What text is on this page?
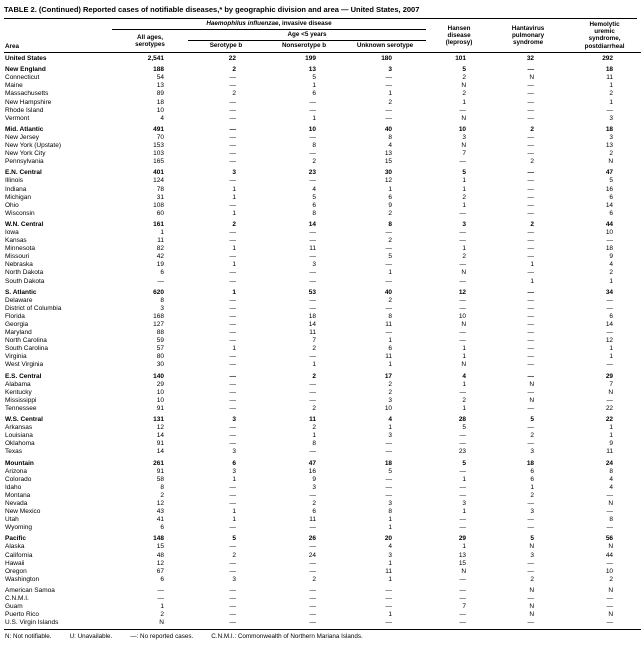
TABLE 2. (Continued) Reported cases of notifiable diseases,* by geographic division and area — United States, 2007
Area	Haemophilus influenzae, invasive disease				Hansen disease (leprosy)	Hantavirus pulmonary syndrome	Hemolytic uremic syndrome, postdiarrheal

	All ages, serotypes	Age <5 years					
		Serotype b	Nonserotype b	Unknown serotype			
United States	2,541	22	199	180	101	32	292
New England	188	2	13	3	5	—	18
Connecticut	54	—	5	—	2	N	11
Maine	13	—	1	—	N	—	1
Massachusetts	89	2	6	1	2	—	2
New Hampshire	18	—	—	2	1	—	1
Rhode Island	10	—	—	—	—	—	—
Vermont	4	—	1	—	N	—	3
Mid. Atlantic	491	—	10	40	10	2	18
New Jersey	70	—	—	8	3	—	3
New York (Upstate)	153	—	8	4	N	—	13
New York City	103	—	—	13	7	—	2
Pennsylvania	165	—	2	15	—	2	N
E.N. Central	401	3	23	30	5	—	47
Illinois	124	—	—	12	1	—	5
Indiana	78	1	4	1	1	—	16
Michigan	31	1	5	6	2	—	6
Ohio	108	—	6	9	1	—	14
Wisconsin	60	1	8	2	—	—	6
W.N. Central	161	2	14	8	3	2	44
Iowa	1	—	—	—	—	—	10
Kansas	11	—	—	2	—	—	—
Minnesota	82	1	11	—	1	—	18
Missouri	42	—	—	5	2	—	9
Nebraska	19	1	3	—	—	1	4
North Dakota	6	—	—	1	N	—	2
South Dakota	—	—	—	—	—	1	1
S. Atlantic	620	1	53	40	12	—	34
Delaware	8	—	—	2	—	—	—
District of Columbia	3	—	—	—	—	—	—
Florida	168	—	18	8	10	—	6
Georgia	127	—	14	11	N	—	14
Maryland	88	—	11	—	—	—	—
North Carolina	59	—	7	1	—	—	12
South Carolina	57	1	2	6	1	—	1
Virginia	80	—	—	11	1	—	1
West Virginia	30	—	1	1	N	—	—
E.S. Central	140	—	2	17	4	—	29
Alabama	29	—	—	2	1	N	7
Kentucky	10	—	—	2	—	—	N
Mississippi	10	—	—	3	2	N	—
Tennessee	91	—	2	10	1	—	22
W.S. Central	131	3	11	4	28	5	22
Arkansas	12	—	2	1	5	—	1
Louisiana	14	—	1	3	—	2	1
Oklahoma	91	—	8	—	—	—	9
Texas	14	3	—	—	23	3	11
Mountain	261	6	47	18	5	18	24
Arizona	91	3	16	5	—	6	8
Colorado	58	1	9	—	1	6	4
Idaho	8	—	3	—	—	1	4
Montana	2	—	—	—	—	2	—
Nevada	12	—	2	3	3	—	N
New Mexico	43	1	6	8	1	3	—
Utah	41	1	11	1	—	—	8
Wyoming	6	—	—	1	—	—	—
Pacific	148	5	26	20	29	5	56
Alaska	15	—	—	4	1	N	N
California	48	2	24	3	13	3	44
Hawaii	12	—	—	1	15	—	—
Oregon	67	—	—	11	N	—	10
Washington	6	3	2	1	—	2	2
American Samoa	—	—	—	—	—	N	N
C.N.M.I.	—	—	—	—	—	—	—
Guam	1	—	—	—	7	N	—
Puerto Rico	2	—	—	1	—	N	N
U.S. Virgin Islands	N	—	—	—	—	—	—
N: Not notifiable.	U: Unavailable.	—: No reported cases.	C.N.M.I.: Commonwealth of Northern Mariana Islands.
